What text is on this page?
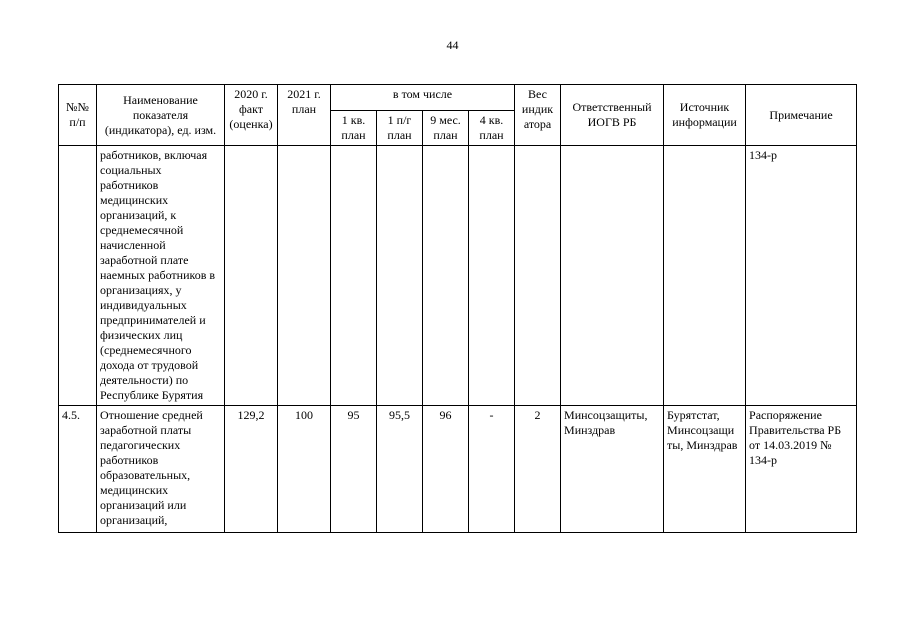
44
№№ п/п	Наименование показателя (индикатора), ед. изм.	2020 г. факт (оценка)	2021 г. план	в том числе				Вес индик атора	Ответственный ИОГВ РБ	Источник информации	Примечание
				1 кв. план	1 п/г план	9 мес. план	4 кв. план				
	работников, включая социальных работников медицинских организаций, к среднемесячной начисленной заработной плате наемных работников в организациях, у индивидуальных предпринимателей и физических лиц (среднемесячного дохода от трудовой деятельности) по Республике Бурятия										134-р
4.5.	Отношение средней заработной платы педагогических работников образовательных, медицинских организаций или организаций,	129,2	100	95	95,5	96	-	2	Минсоцзащиты, Минздрав	Бурятстат, Минсоцзащи ты, Минздрав	Распоряжение Правительства РБ от 14.03.2019 № 134-р
